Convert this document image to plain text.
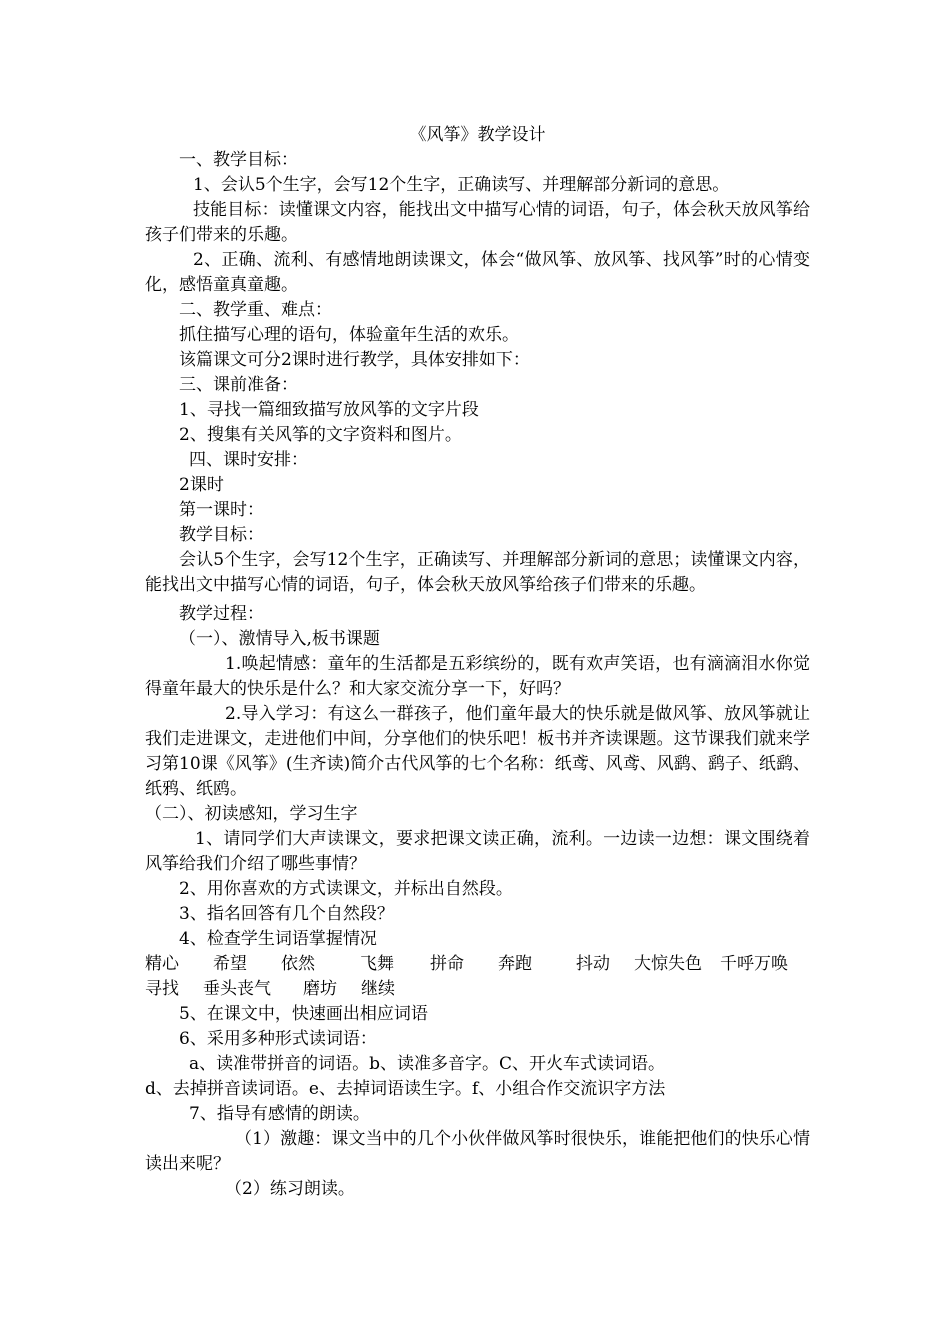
《风筝》教学设计

一、教学目标：

1、会认5个生字，会写12个生字，正确读写、并理解部分新词的意思。

技能目标：读懂课文内容，能找出文中描写心情的词语，句子，体会秋天放风筝给孩子们带来的乐趣。

2、正确、流利、有感情地朗读课文，体会“做风筝、放风筝、找风筝”时的心情变化，感悟童真童趣。

二、教学重、难点：

抓住描写心理的语句，体验童年生活的欢乐。

该篇课文可分2课时进行教学，具体安排如下：

三、课前准备：

1、寻找一篇细致描写放风筝的文字片段

2、搜集有关风筝的文字资料和图片。

四、课时安排：

2课时

第一课时：

教学目标：

会认5个生字，会写12个生字，正确读写、并理解部分新词的意思；读懂课文内容，能找出文中描写心情的词语，句子，体会秋天放风筝给孩子们带来的乐趣。

教学过程：

（一）、激情导入,板书课题

1.唤起情感：童年的生活都是五彩缤纷的，既有欢声笑语，也有滴滴泪水你觉得童年最大的快乐是什么？和大家交流分享一下，好吗？

2.导入学习：有这么一群孩子，他们童年最大的快乐就是做风筝、放风筝就让我们走进课文，走进他们中间，分享他们的快乐吧！板书并齐读课题。这节课我们就来学习第10课《风筝》(生齐读)简介古代风筝的七个名称：纸鸢、风鸢、风鹞、鹞子、纸鹞、纸鸦、纸鸥。

（二）、初读感知，学习生字

1、请同学们大声读课文，要求把课文读正确，流利。一边读一边想：课文围绕着风筝给我们介绍了哪些事情？

2、用你喜欢的方式读课文，并标出自然段。

3、指名回答有几个自然段？

4、检查学生词语掌握情况

精心	希望	依然	飞舞	拼命	奔跑	抖动	大惊失色	千呼万唤
寻找	垂头丧气	磨坊	继续

5、在课文中，快速画出相应词语

6、采用多种形式读词语：

a、读准带拼音的词语。b、读准多音字。C、开火车式读词语。

d、去掉拼音读词语。e、去掉词语读生字。f、小组合作交流识字方法

7、指导有感情的朗读。

（1）激趣：课文当中的几个小伙伴做风筝时很快乐，谁能把他们的快乐心情读出来呢？

（2）练习朗读。
